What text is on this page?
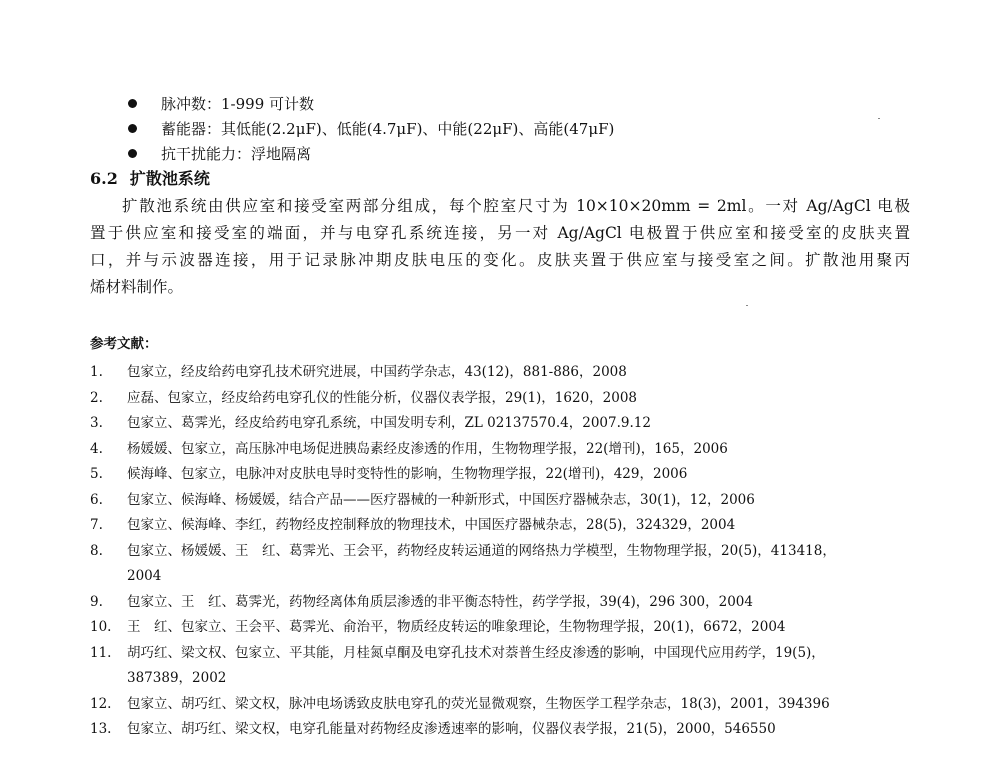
脉冲数：1-999 可计数
蓄能器：其低能(2.2μF)、低能(4.7μF)、中能(22μF)、高能(47μF)
抗干扰能力：浮地隔离
6.2 扩散池系统
扩散池系统由供应室和接受室两部分组成，每个腔室尺寸为 10×10×20mm = 2ml。一对 Ag/AgCl 电极
置于供应室和接受室的端面，并与电穿孔系统连接，另一对 Ag/AgCl 电极置于供应室和接受室的皮肤夹置
口，并与示波器连接，用于记录脉冲期皮肤电压的变化。皮肤夹置于供应室与接受室之间。扩散池用聚丙
烯材料制作。
参考文献：
1.	包家立，经皮给药电穿孔技术研究进展，中国药学杂志，43(12)，881-886，2008
2.	应磊、包家立，经皮给药电穿孔仪的性能分析，仪器仪表学报，29(1)，1620，2008
3.	包家立、葛霁光，经皮给药电穿孔系统，中国发明专利，ZL 02137570.4，2007.9.12
4.	杨媛媛、包家立，高压脉冲电场促进胰岛素经皮渗透的作用，生物物理学报，22(增刊)，165，2006
5.	候海峰、包家立，电脉冲对皮肤电导时变特性的影响，生物物理学报，22(增刊)，429，2006
6.	包家立、候海峰、杨媛媛，结合产品——医疗器械的一种新形式，中国医疗器械杂志，30(1)，12，2006
7.	包家立、候海峰、李红，药物经皮控制释放的物理技术，中国医疗器械杂志，28(5)，324329，2004
8.	包家立、杨媛媛、王　红、葛霁光、王会平，药物经皮转运通道的网络热力学模型，生物物理学报，20(5)，413418，
2004
9.	包家立、王　红、葛霁光，药物经离体角质层渗透的非平衡态特性，药学学报，39(4)，296 300，2004
10.	王　红、包家立、王会平、葛霁光、俞治平，物质经皮转运的唯象理论，生物物理学报，20(1)，6672，2004
11.	胡巧红、梁文权、包家立、平其能，月桂氮卓酮及电穿孔技术对萘普生经皮渗透的影响，中国现代应用药学，19(5)，
387389，2002
12.	包家立、胡巧红、梁文权，脉冲电场诱致皮肤电穿孔的荧光显微观察，生物医学工程学杂志，18(3)，2001，394396
13.	包家立、胡巧红、梁文权，电穿孔能量对药物经皮渗透速率的影响，仪器仪表学报，21(5)，2000，546550
